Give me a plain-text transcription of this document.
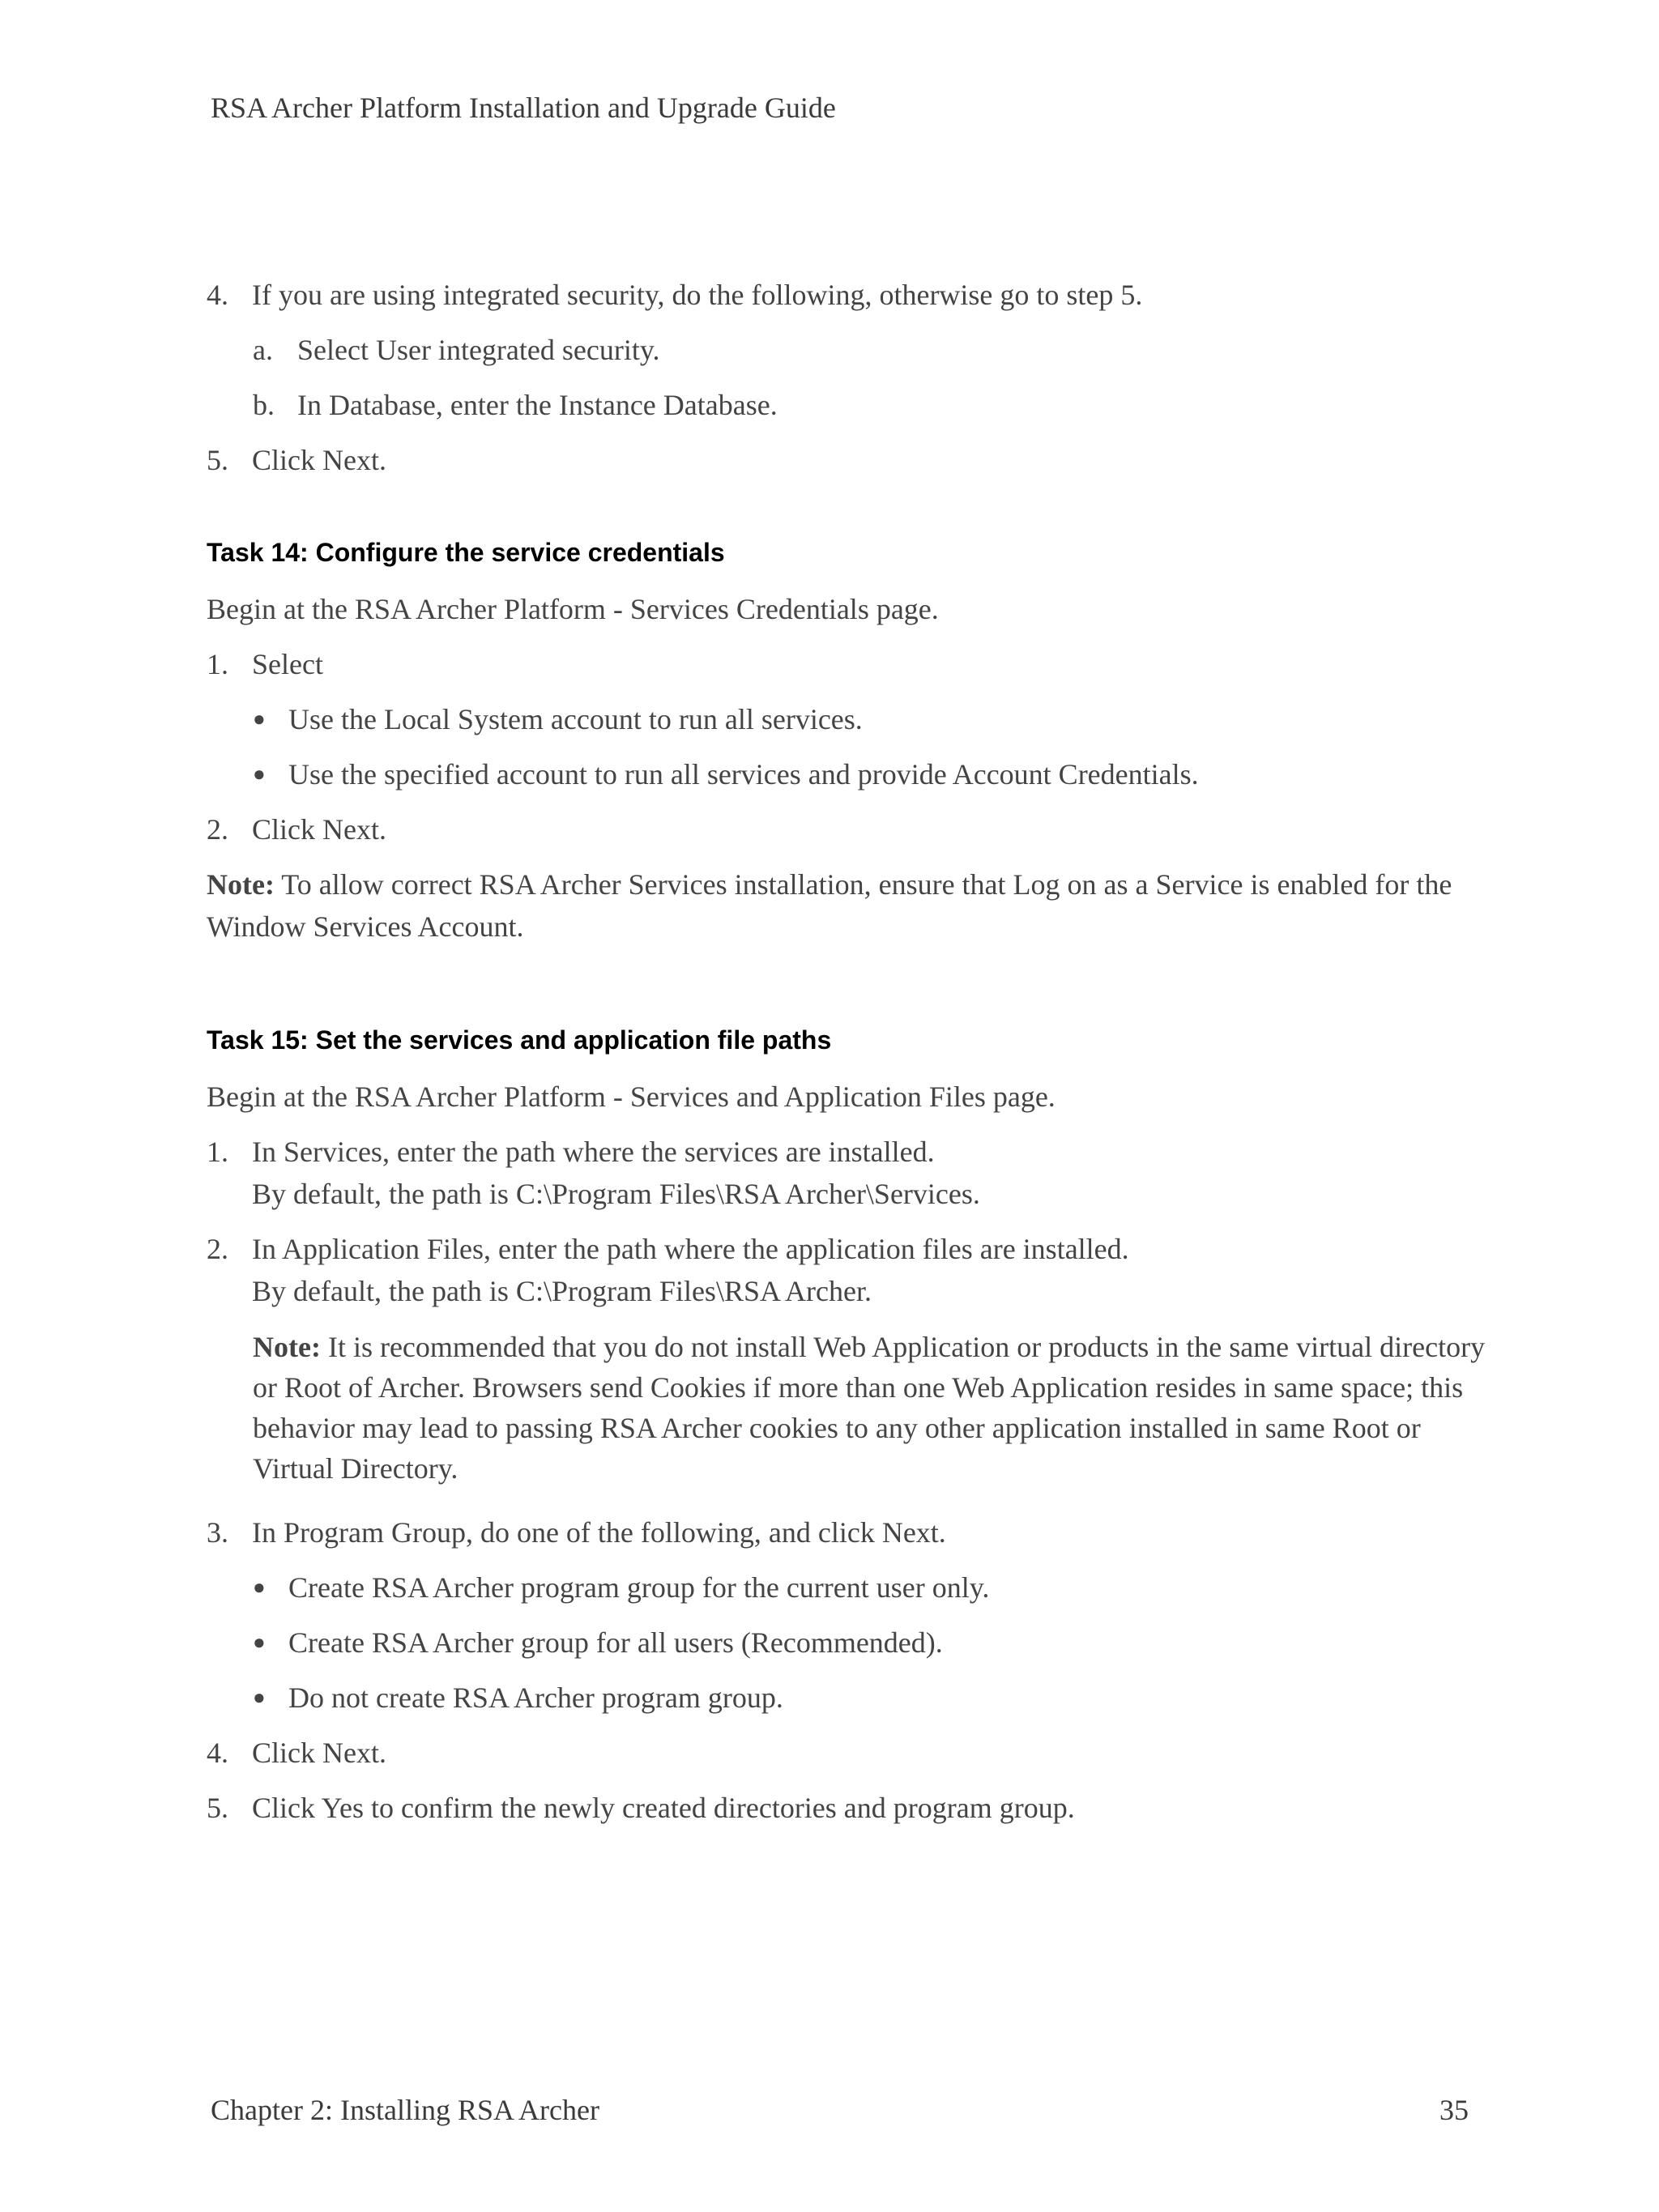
RSA Archer Platform Installation and Upgrade Guide
4. If you are using integrated security, do the following, otherwise go to step 5.
a. Select User integrated security.
b. In Database, enter the Instance Database.
5. Click Next.
Task 14: Configure the service credentials
Begin at the RSA Archer Platform - Services Credentials page.
1. Select
● Use the Local System account to run all services.
● Use the specified account to run all services and provide Account Credentials.
2. Click Next.
Note: To allow correct RSA Archer Services installation, ensure that Log on as a Service is enabled for the Window Services Account.
Task 15: Set the services and application file paths
Begin at the RSA Archer Platform - Services and Application Files page.
1. In Services, enter the path where the services are installed.
By default, the path is C:\Program Files\RSA Archer\Services.
2. In Application Files, enter the path where the application files are installed.
By default, the path is C:\Program Files\RSA Archer.
Note: It is recommended that you do not install Web Application or products in the same virtual directory or Root of Archer. Browsers send Cookies if more than one Web Application resides in same space; this behavior may lead to passing RSA Archer cookies to any other application installed in same Root or Virtual Directory.
3. In Program Group, do one of the following, and click Next.
● Create RSA Archer program group for the current user only.
● Create RSA Archer group for all users (Recommended).
● Do not create RSA Archer program group.
4. Click Next.
5. Click Yes to confirm the newly created directories and program group.
Chapter 2: Installing RSA Archer	35
